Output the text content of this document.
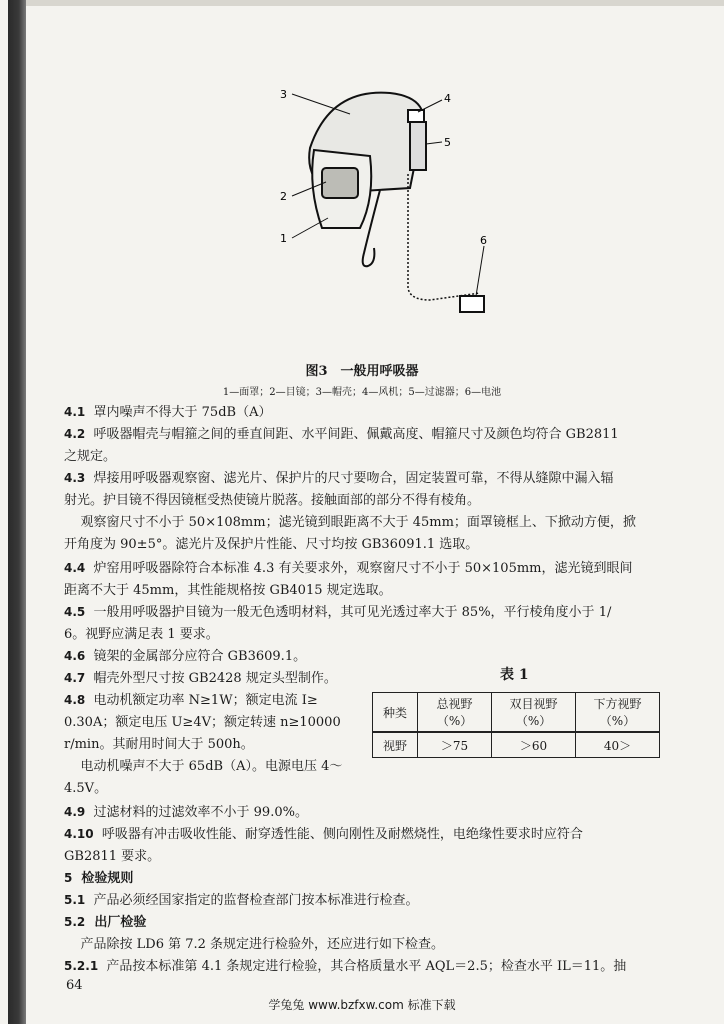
3
2
1
4
5
6
图3　一般用呼吸器
1—面罩；2—目镜；3—帽壳；4—风机；5—过滤器；6—电池
4.1  罩内噪声不得大于 75dB（A）
4.2  呼吸器帽壳与帽箍之间的垂直间距、水平间距、佩戴高度、帽箍尺寸及颜色均符合 GB2811
之规定。
4.3  焊接用呼吸器观察窗、滤光片、保护片的尺寸要吻合，固定装置可靠，不得从缝隙中漏入辐
射光。护目镜不得因镜框受热使镜片脱落。接触面部的部分不得有棱角。
观察窗尺寸不小于 50×108mm；滤光镜到眼距离不大于 45mm；面罩镜框上、下掀动方便，掀
开角度为 90±5°。滤光片及保护片性能、尺寸均按 GB36091.1 选取。
4.4  炉窑用呼吸器除符合本标准 4.3 有关要求外，观察窗尺寸不小于 50×105mm，滤光镜到眼间
距离不大于 45mm，其性能规格按 GB4015 规定选取。
4.5  一般用呼吸器护目镜为一般无色透明材料，其可见光透过率大于 85%，平行棱角度小于 1/
6。视野应满足表 1 要求。
4.6  镜架的金属部分应符合 GB3609.1。
4.7  帽壳外型尺寸按 GB2428 规定头型制作。
4.8  电动机额定功率 N≥1W；额定电流 I≥
0.30A；额定电压 U≥4V；额定转速 n≥10000
r/min。其耐用时间大于 500h。
电动机噪声不大于 65dB（A）。电源电压 4～
4.5V。
4.9  过滤材料的过滤效率不小于 99.0%。
4.10  呼吸器有冲击吸收性能、耐穿透性能、侧向刚性及耐燃烧性，电绝缘性要求时应符合
GB2811 要求。
5  检验规则
5.1  产品必须经国家指定的监督检查部门按本标准进行检查。
5.2  出厂检验
产品除按 LD6 第 7.2 条规定进行检验外，还应进行如下检查。
5.2.1  产品按本标准第 4.1 条规定进行检验，其合格质量水平 AQL＝2.5；检查水平 IL＝11。抽
表 1
种类	总视野（%）	双目视野（%）	下方视野（%）
视野	＞75	＞60	40＞
64
学兔兔 www.bzfxw.com 标准下载
